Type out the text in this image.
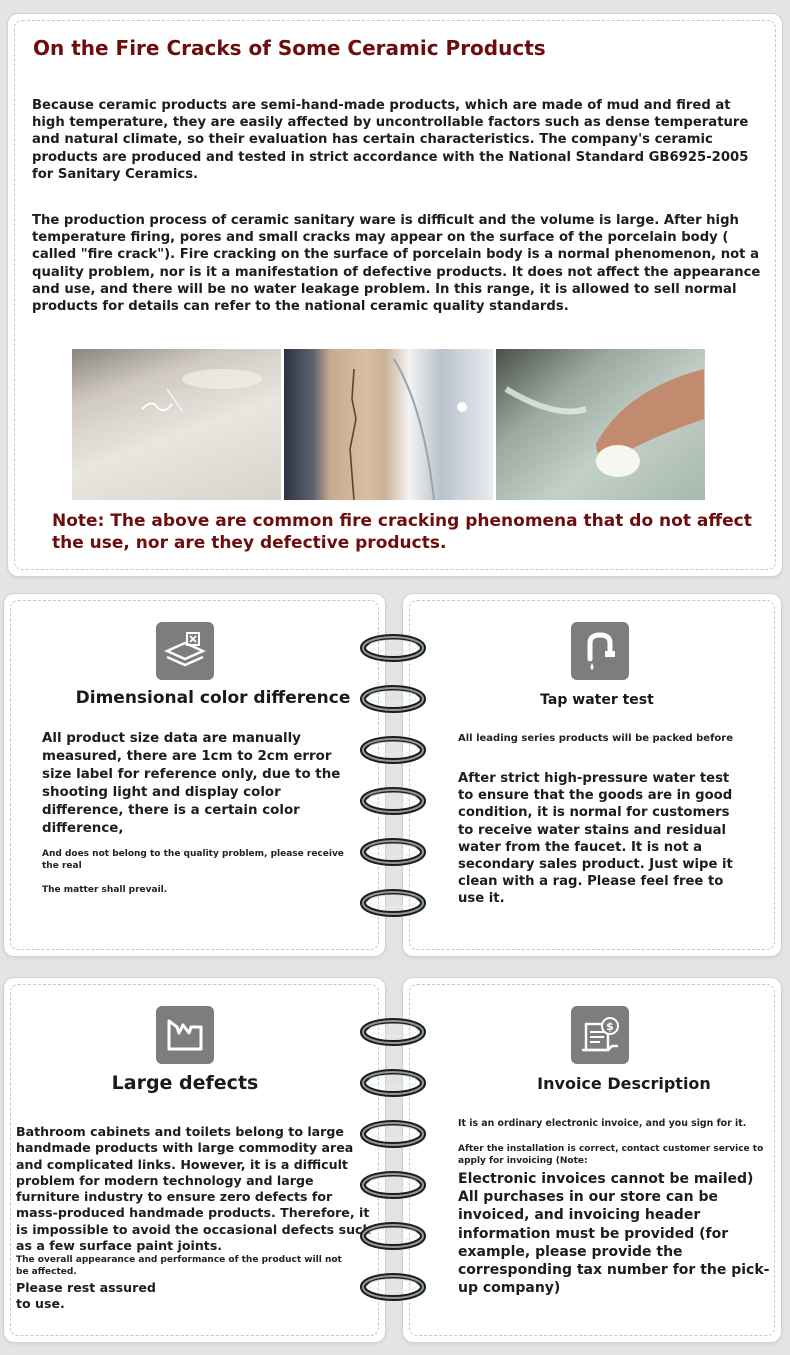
On the Fire Cracks of Some Ceramic Products

Because ceramic products are semi-hand-made products, which are made of mud and fired at high temperature, they are easily affected by uncontrollable factors such as dense temperature and natural climate, so their evaluation has certain characteristics. The company's ceramic products are produced and tested in strict accordance with the National Standard GB6925-2005 for Sanitary Ceramics.

The production process of ceramic sanitary ware is difficult and the volume is large. After high temperature firing, pores and small cracks may appear on the surface of the porcelain body ( called "fire crack"). Fire cracking on the surface of porcelain body is a normal phenomenon, not a quality problem, nor is it a manifestation of defective products. It does not affect the appearance and use, and there will be no water leakage problem. In this range, it is allowed to sell normal products for details can refer to the national ceramic quality standards.

Note: The above are common fire cracking phenomena that do not affect the use, nor are they defective products.
Dimensional color difference

All product size data are manually measured, there are 1cm to 2cm error size label for reference only, due to the shooting light and display color difference, there is a certain color difference,

And does not belong to the quality problem, please receive the real

The matter shall prevail.

Tap water test

All leading series products will be packed before

After strict high-pressure water test to ensure that the goods are in good condition, it is normal for customers to receive water stains and residual water from the faucet. It is not a secondary sales product. Just wipe it clean with a rag. Please feel free to use it.

Large defects

Bathroom cabinets and toilets belong to large handmade products with large commodity area and complicated links. However, it is a difficult problem for modern technology and large furniture industry to ensure zero defects for mass-produced handmade products. Therefore, it is impossible to avoid the occasional defects such as a few surface paint joints.

The overall appearance and performance of the product will not be affected.

Please rest assured to use.

$
Invoice Description

It is an ordinary electronic invoice, and you sign for it.

After the installation is correct, contact customer service to apply for invoicing (Note:

Electronic invoices cannot be mailed) All purchases in our store can be invoiced, and invoicing header information must be provided (for example, please provide the corresponding tax number for the pick-up company)
